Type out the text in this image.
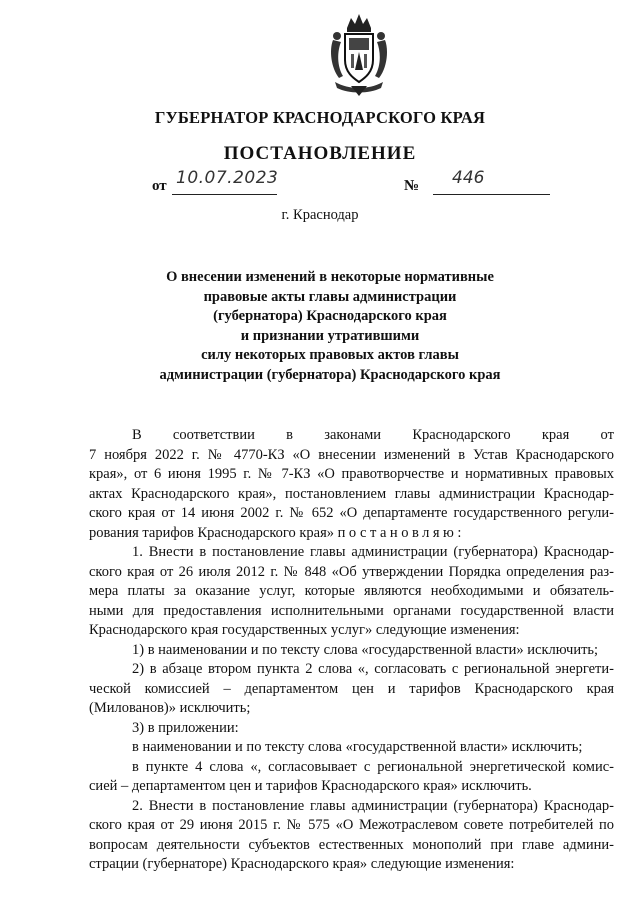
ГУБЕРНАТОР КРАСНОДАРСКОГО КРАЯ
ПОСТАНОВЛЕНИЕ
от 10.07.2023	№ 446
г. Краснодар
О внесении изменений в некоторые нормативные
правовые акты главы администрации
(губернатора) Краснодарского края
и признании утратившими
силу некоторых правовых актов главы
администрации (губернатора) Краснодарского края
В соответствии в законами Краснодарского края от
7 ноября 2022 г. № 4770-КЗ «О внесении изменений в Устав Краснодарского
края», от 6 июня 1995 г. № 7-КЗ «О правотворчестве и нормативных правовых
актах Краснодарского края», постановлением главы администрации Краснодар-
ского края от 14 июня 2002 г. № 652 «О департаменте государственного регули-
рования тарифов Краснодарского края» постановляю:
1. Внести в постановление главы администрации (губернатора) Краснодар-
ского края от 26 июля 2012 г. № 848 «Об утверждении Порядка определения раз-
мера платы за оказание услуг, которые являются необходимыми и обязатель-
ными для предоставления исполнительными органами государственной власти
Краснодарского края государственных услуг» следующие изменения:
1) в наименовании и по тексту слова «государственной власти» исключить;
2) в абзаце втором пункта 2 слова «, согласовать с региональной энергети-
ческой комиссией – департаментом цен и тарифов Краснодарского края
(Милованов)» исключить;
3) в приложении:
в наименовании и по тексту слова «государственной власти» исключить;
в пункте 4 слова «, согласовывает с региональной энергетической комис-
сией – департаментом цен и тарифов Краснодарского края» исключить.
2. Внести в постановление главы администрации (губернатора) Краснодар-
ского края от 29 июня 2015 г. № 575 «О Межотраслевом совете потребителей по
вопросам деятельности субъектов естественных монополий при главе админи-
страции (губернаторе) Краснодарского края» следующие изменения:
